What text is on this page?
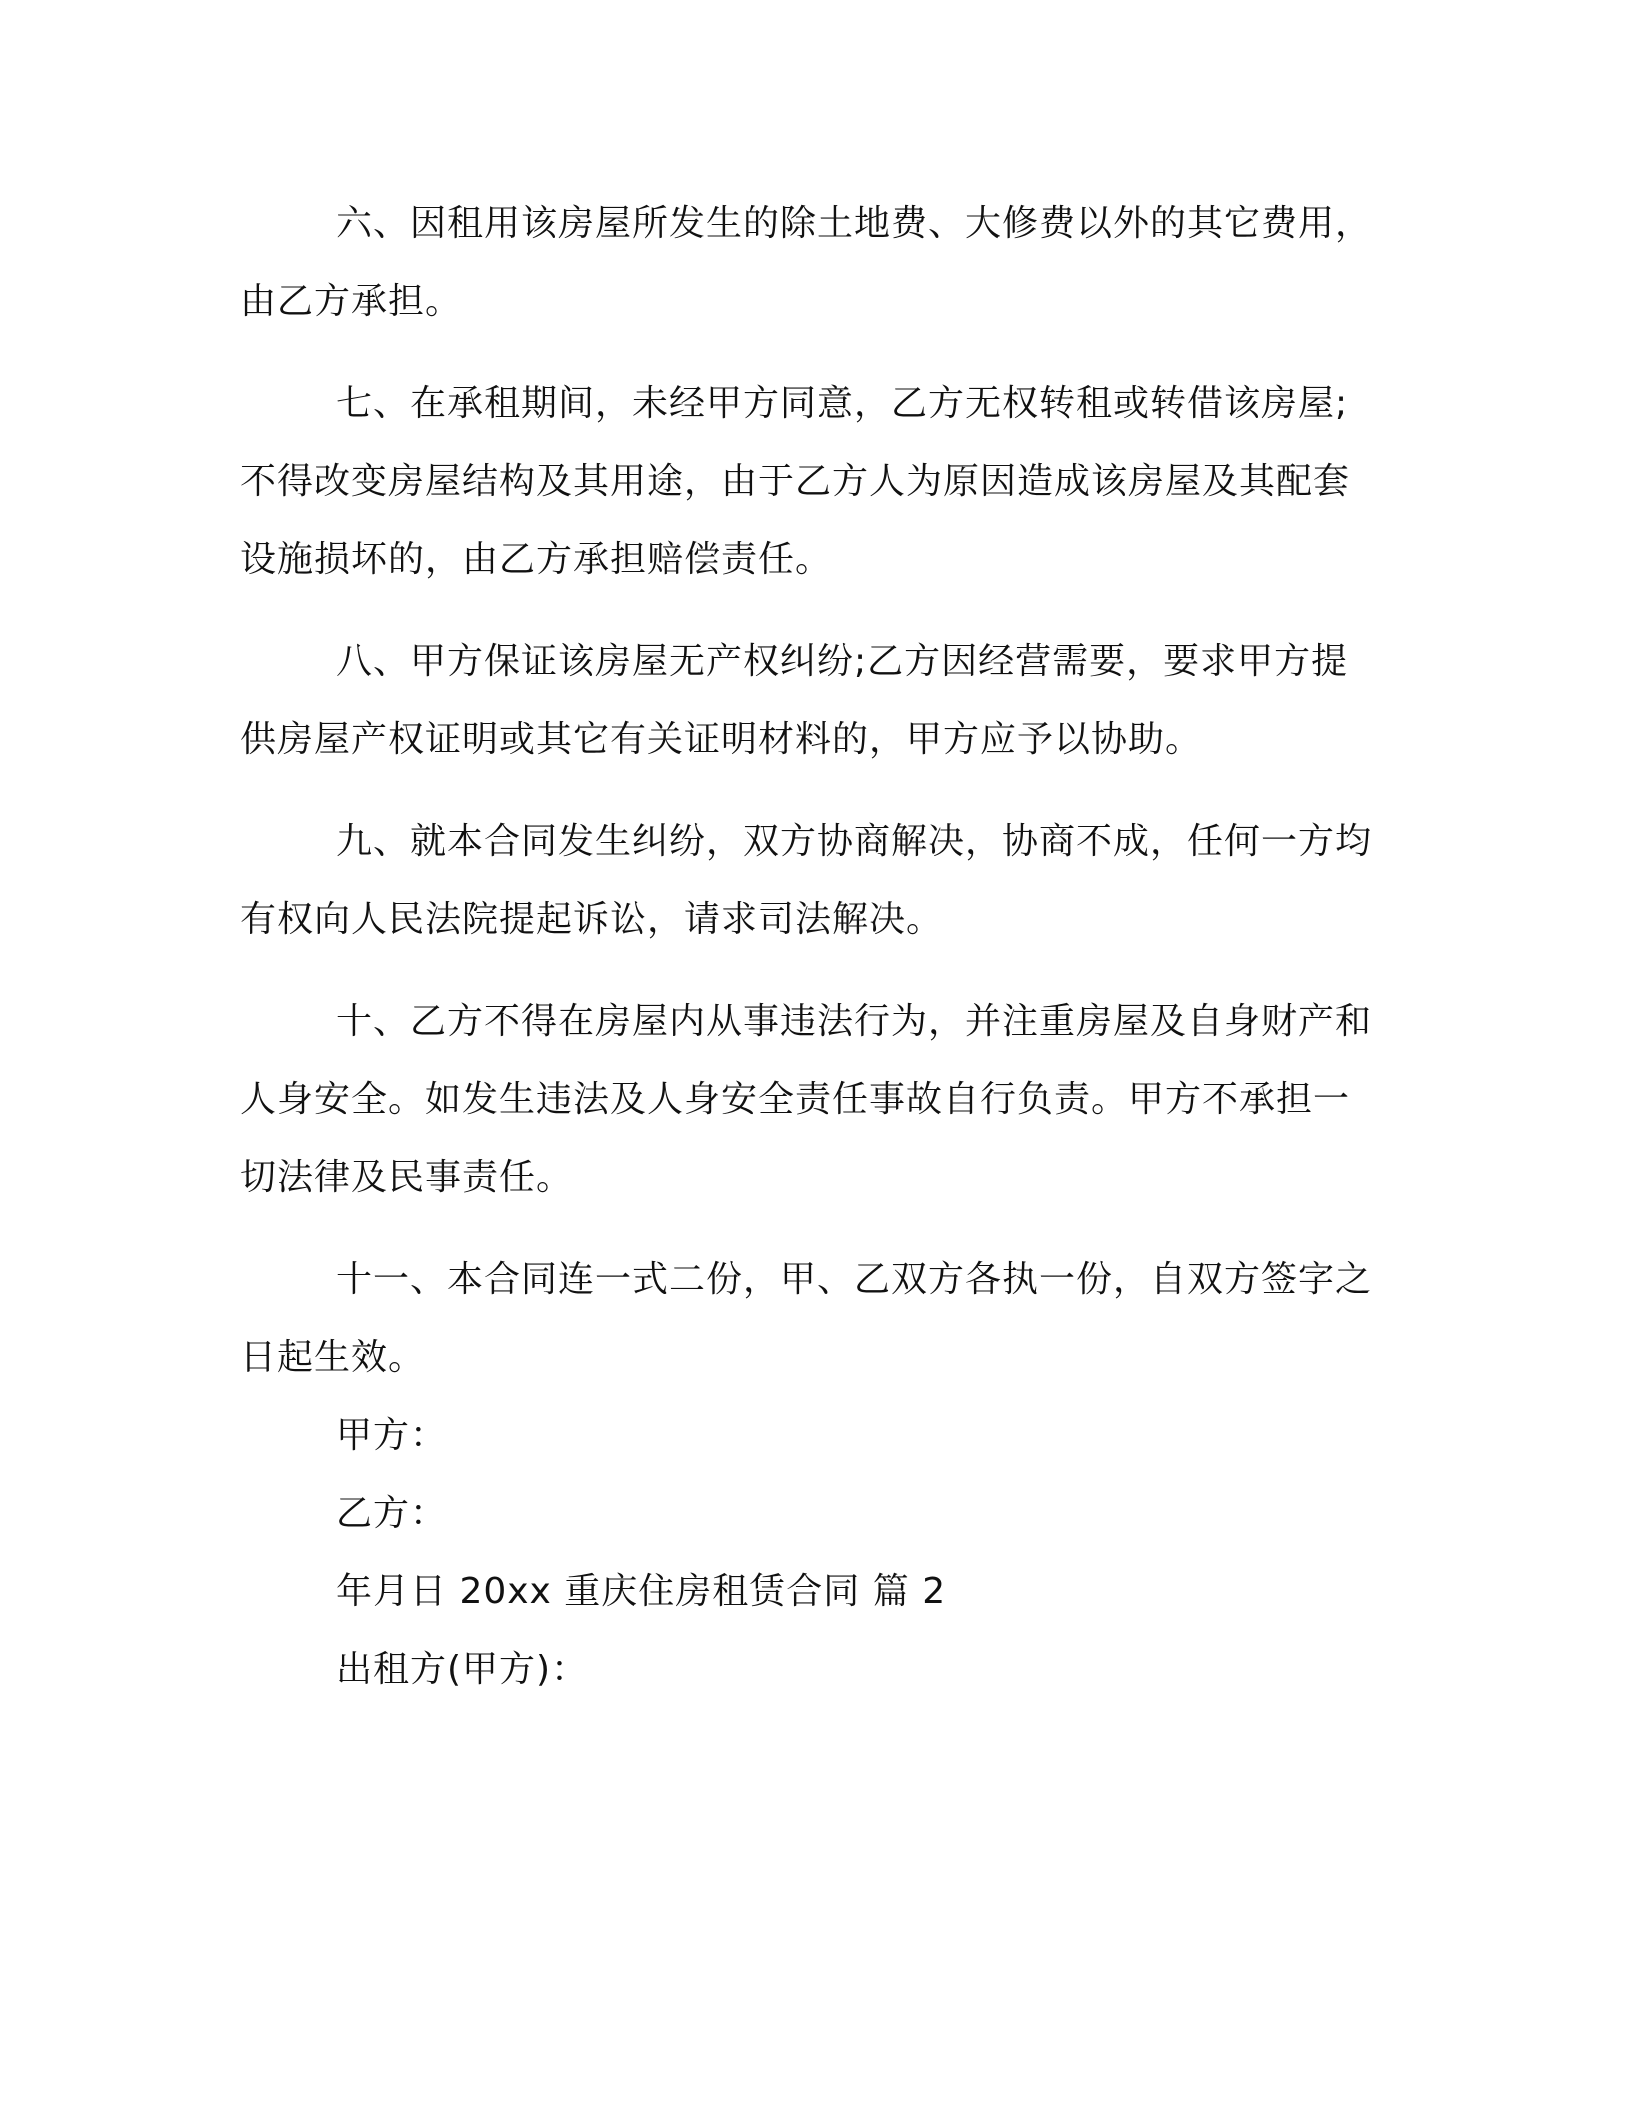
六、因租用该房屋所发生的除土地费、大修费以外的其它费用，由乙方承担。

七、在承租期间，未经甲方同意，乙方无权转租或转借该房屋;不得改变房屋结构及其用途，由于乙方人为原因造成该房屋及其配套设施损坏的，由乙方承担赔偿责任。

八、甲方保证该房屋无产权纠纷;乙方因经营需要，要求甲方提供房屋产权证明或其它有关证明材料的，甲方应予以协助。

九、就本合同发生纠纷，双方协商解决，协商不成，任何一方均有权向人民法院提起诉讼，请求司法解决。

十、乙方不得在房屋内从事违法行为，并注重房屋及自身财产和人身安全。如发生违法及人身安全责任事故自行负责。甲方不承担一切法律及民事责任。

十一、本合同连一式二份，甲、乙双方各执一份，自双方签字之日起生效。

甲方：

乙方：

年月日 20xx 重庆住房租赁合同 篇 2

出租方(甲方)：
